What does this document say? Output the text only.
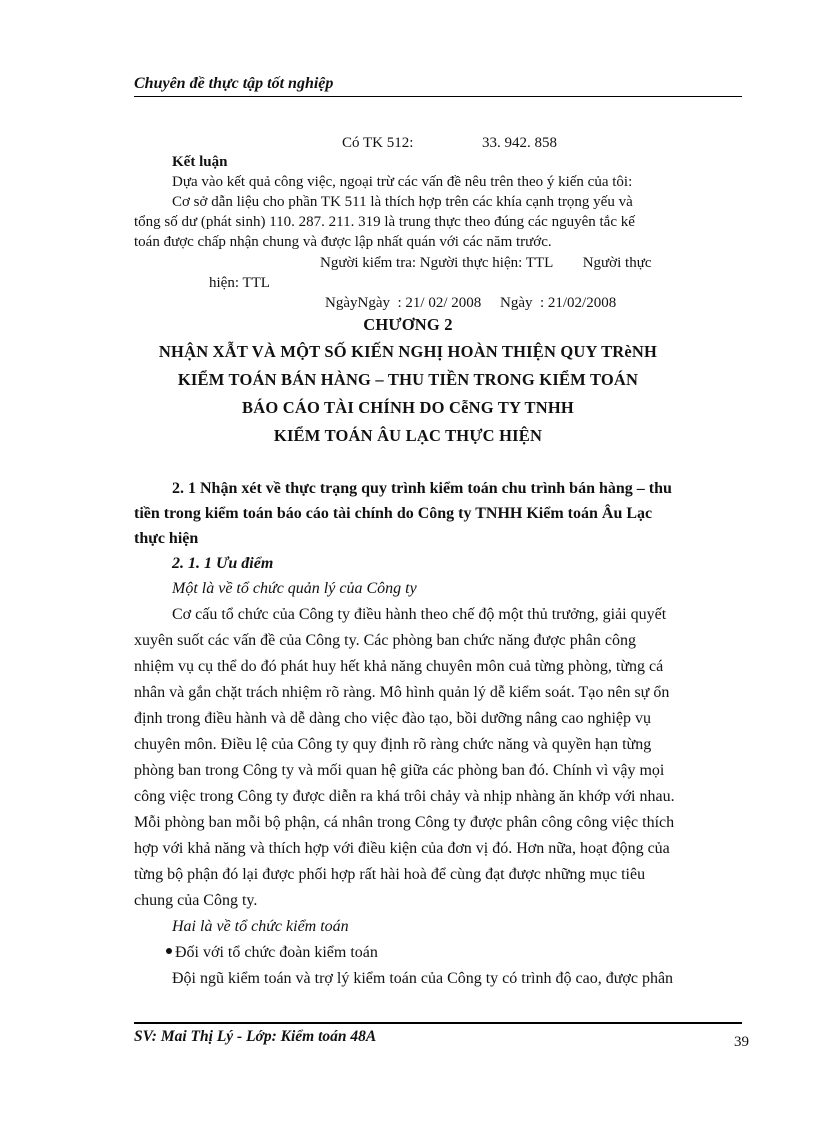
Chuyên đề thực tập tốt nghiệp
Có TK 512:	33. 942. 858
Kết luận
Dựa vào kết quả công việc, ngoại trừ các vấn đề nêu trên theo ý kiến của tôi:
Cơ sở dẫn liệu cho phần TK 511 là thích hợp trên các khía cạnh trọng yếu và
tổng số dư (phát sinh) 110. 287. 211. 319 là trung thực theo đúng các nguyên tắc kế
toán được chấp nhận chung và được lập nhất quán với các năm trước.
Người kiểm tra: Người thực hiện: TTL        Người thực
hiện: TTL
NgàyNgày  : 21/ 02/ 2008     Ngày  : 21/02/2008
CHƯƠNG 2
NHẬN XẪT VÀ MỘT SỐ KIẾN NGHỊ HOÀN THIỆN QUY TRèNH
KIỂM TOÁN BÁN HÀNG – THU TIỀN TRONG KIỂM TOÁN
BÁO CÁO TÀI CHÍNH DO CễNG TY TNHH
KIỂM TOÁN ÂU LẠC THỰC HIỆN
2. 1 Nhận xét về thực trạng quy trình kiểm toán chu trình bán hàng – thu
tiền trong kiểm toán báo cáo tài chính do Công ty TNHH Kiểm toán Âu Lạc
thực hiện
2. 1. 1 Ưu điểm
Một là về tổ chức quản lý của Công ty
Cơ cấu tổ chức của Công ty điều hành theo chế độ một thủ trưởng, giải quyết
xuyên suốt các vấn đề của Công ty. Các phòng ban chức năng được phân công
nhiệm vụ cụ thể do đó phát huy hết khả năng chuyên môn cuả từng phòng, từng cá
nhân và gắn chặt trách nhiệm rõ ràng. Mô hình quản lý dễ kiểm soát. Tạo nên sự ổn
định trong điều hành và dễ dàng cho việc đào tạo, bồi dưỡng nâng cao nghiệp vụ
chuyên môn. Điều lệ của Công ty quy định rõ ràng chức năng và quyền hạn từng
phòng ban trong Công ty và mối quan hệ giữa các phòng ban đó. Chính vì vậy mọi
công việc trong Công ty được diễn ra khá trôi chảy và nhịp nhàng ăn khớp với nhau.
Mỗi phòng ban mỗi bộ phận, cá nhân trong Công ty được phân công công việc thích
hợp với khả năng và thích hợp với điều kiện của đơn vị đó. Hơn nữa, hoạt động của
từng bộ phận đó lại được phối hợp rất hài hoà để cùng đạt được những mục tiêu
chung của Công ty.
Hai là về tổ chức kiểm toán
Đối với tổ chức đoàn kiểm toán
Đội ngũ kiểm toán và trợ lý kiểm toán của Công ty có trình độ cao, được phân
SV: Mai Thị Lý - Lớp: Kiểm toán 48A	39
